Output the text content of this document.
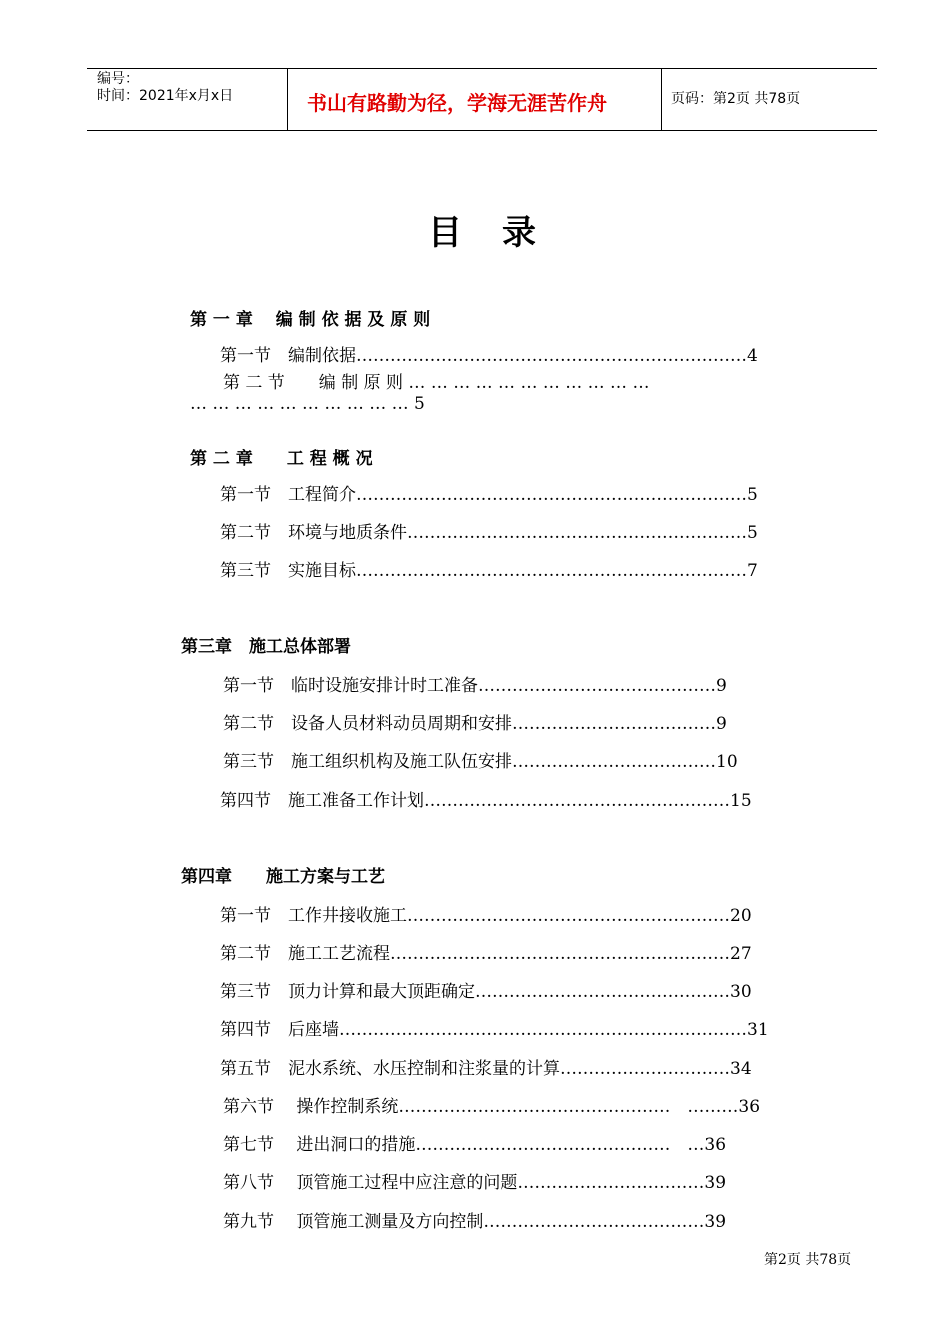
编号：
时间：2021年x月x日	书山有路勤为径，学海无涯苦作舟	页码：第2页 共78页
目录
第 一 章　 编 制 依 据 及 原 则
第一节　编制依据……………………………………………………………4
第 二 节　　编 制 原 则 … … … … … … … … … … …
… … … … … … … … … … 5
第 二 章　　工 程 概 况
第一节　工程简介……………………………………………………………5
第二节　环境与地质条件……………………………………………………5
第三节　实施目标……………………………………………………………7
第三章　施工总体部署
第一节　临时设施安排计时工准备……………………………………9
第二节　设备人员材料动员周期和安排………………………………9
第三节　施工组织机构及施工队伍安排………………………………10
第四节　施工准备工作计划………………………………………………15
第四章　　施工方案与工艺
第一节　工作井接收施工…………………………………………………20
第二节　施工工艺流程……………………………………………………27
第三节　顶力计算和最大顶距确定………………………………………30
第四节　后座墙………………………………………………………………31
第五节　泥水系统、水压控制和注浆量的计算…………………………34
第六节　 操作控制系统…………………………………………　………36
第七节　 进出洞口的措施………………………………………　…36
第八节　 顶管施工过程中应注意的问题……………………………39
第九节　 顶管施工测量及方向控制…………………………………39
第2页 共78页
